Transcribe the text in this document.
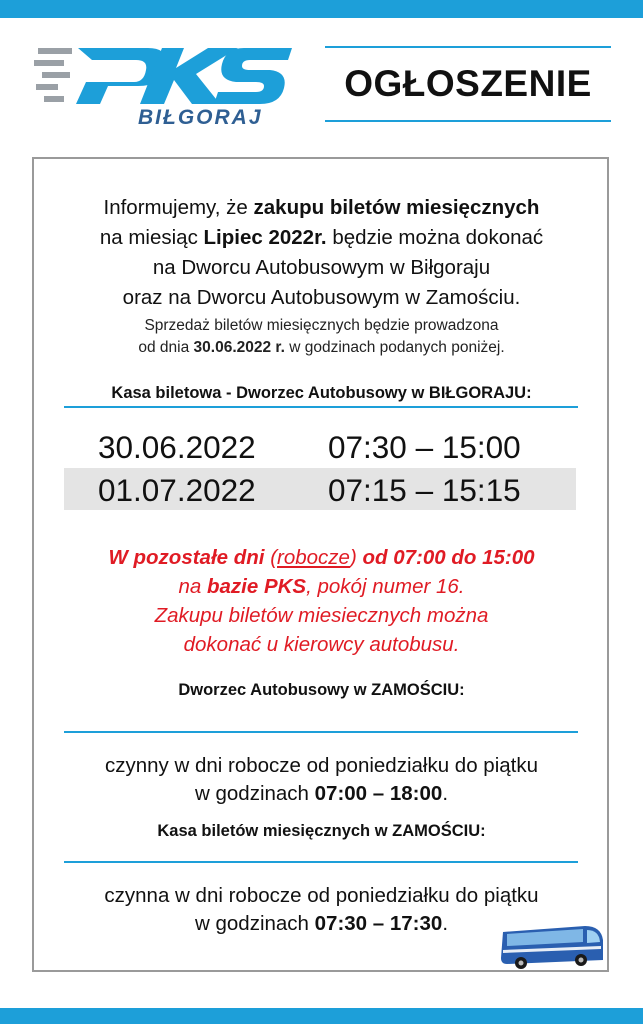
BIŁGORAJ
OGŁOSZENIE
Informujemy, że zakupu biletów miesięcznych
na miesiąc Lipiec 2022r. będzie można dokonać
na Dworcu Autobusowym w Biłgoraju
oraz na Dworcu Autobusowym w Zamościu.
Sprzedaż biletów miesięcznych będzie prowadzona
od dnia 30.06.2022 r. w godzinach podanych poniżej.
Kasa biletowa - Dworzec Autobusowy w BIŁGORAJU:
30.06.2022 07:30 – 15:00
01.07.2022 07:15 – 15:15
W pozostałe dni (robocze) od 07:00 do 15:00
na bazie PKS, pokój numer 16.
Zakupu biletów miesiecznych można
dokonać u kierowcy autobusu.
Dworzec Autobusowy w ZAMOŚCIU:
czynny w dni robocze od poniedziałku do piątku
w godzinach 07:00 – 18:00.
Kasa biletów miesięcznych w ZAMOŚCIU:
czynna w dni robocze od poniedziałku do piątku
w godzinach 07:30 – 17:30.
